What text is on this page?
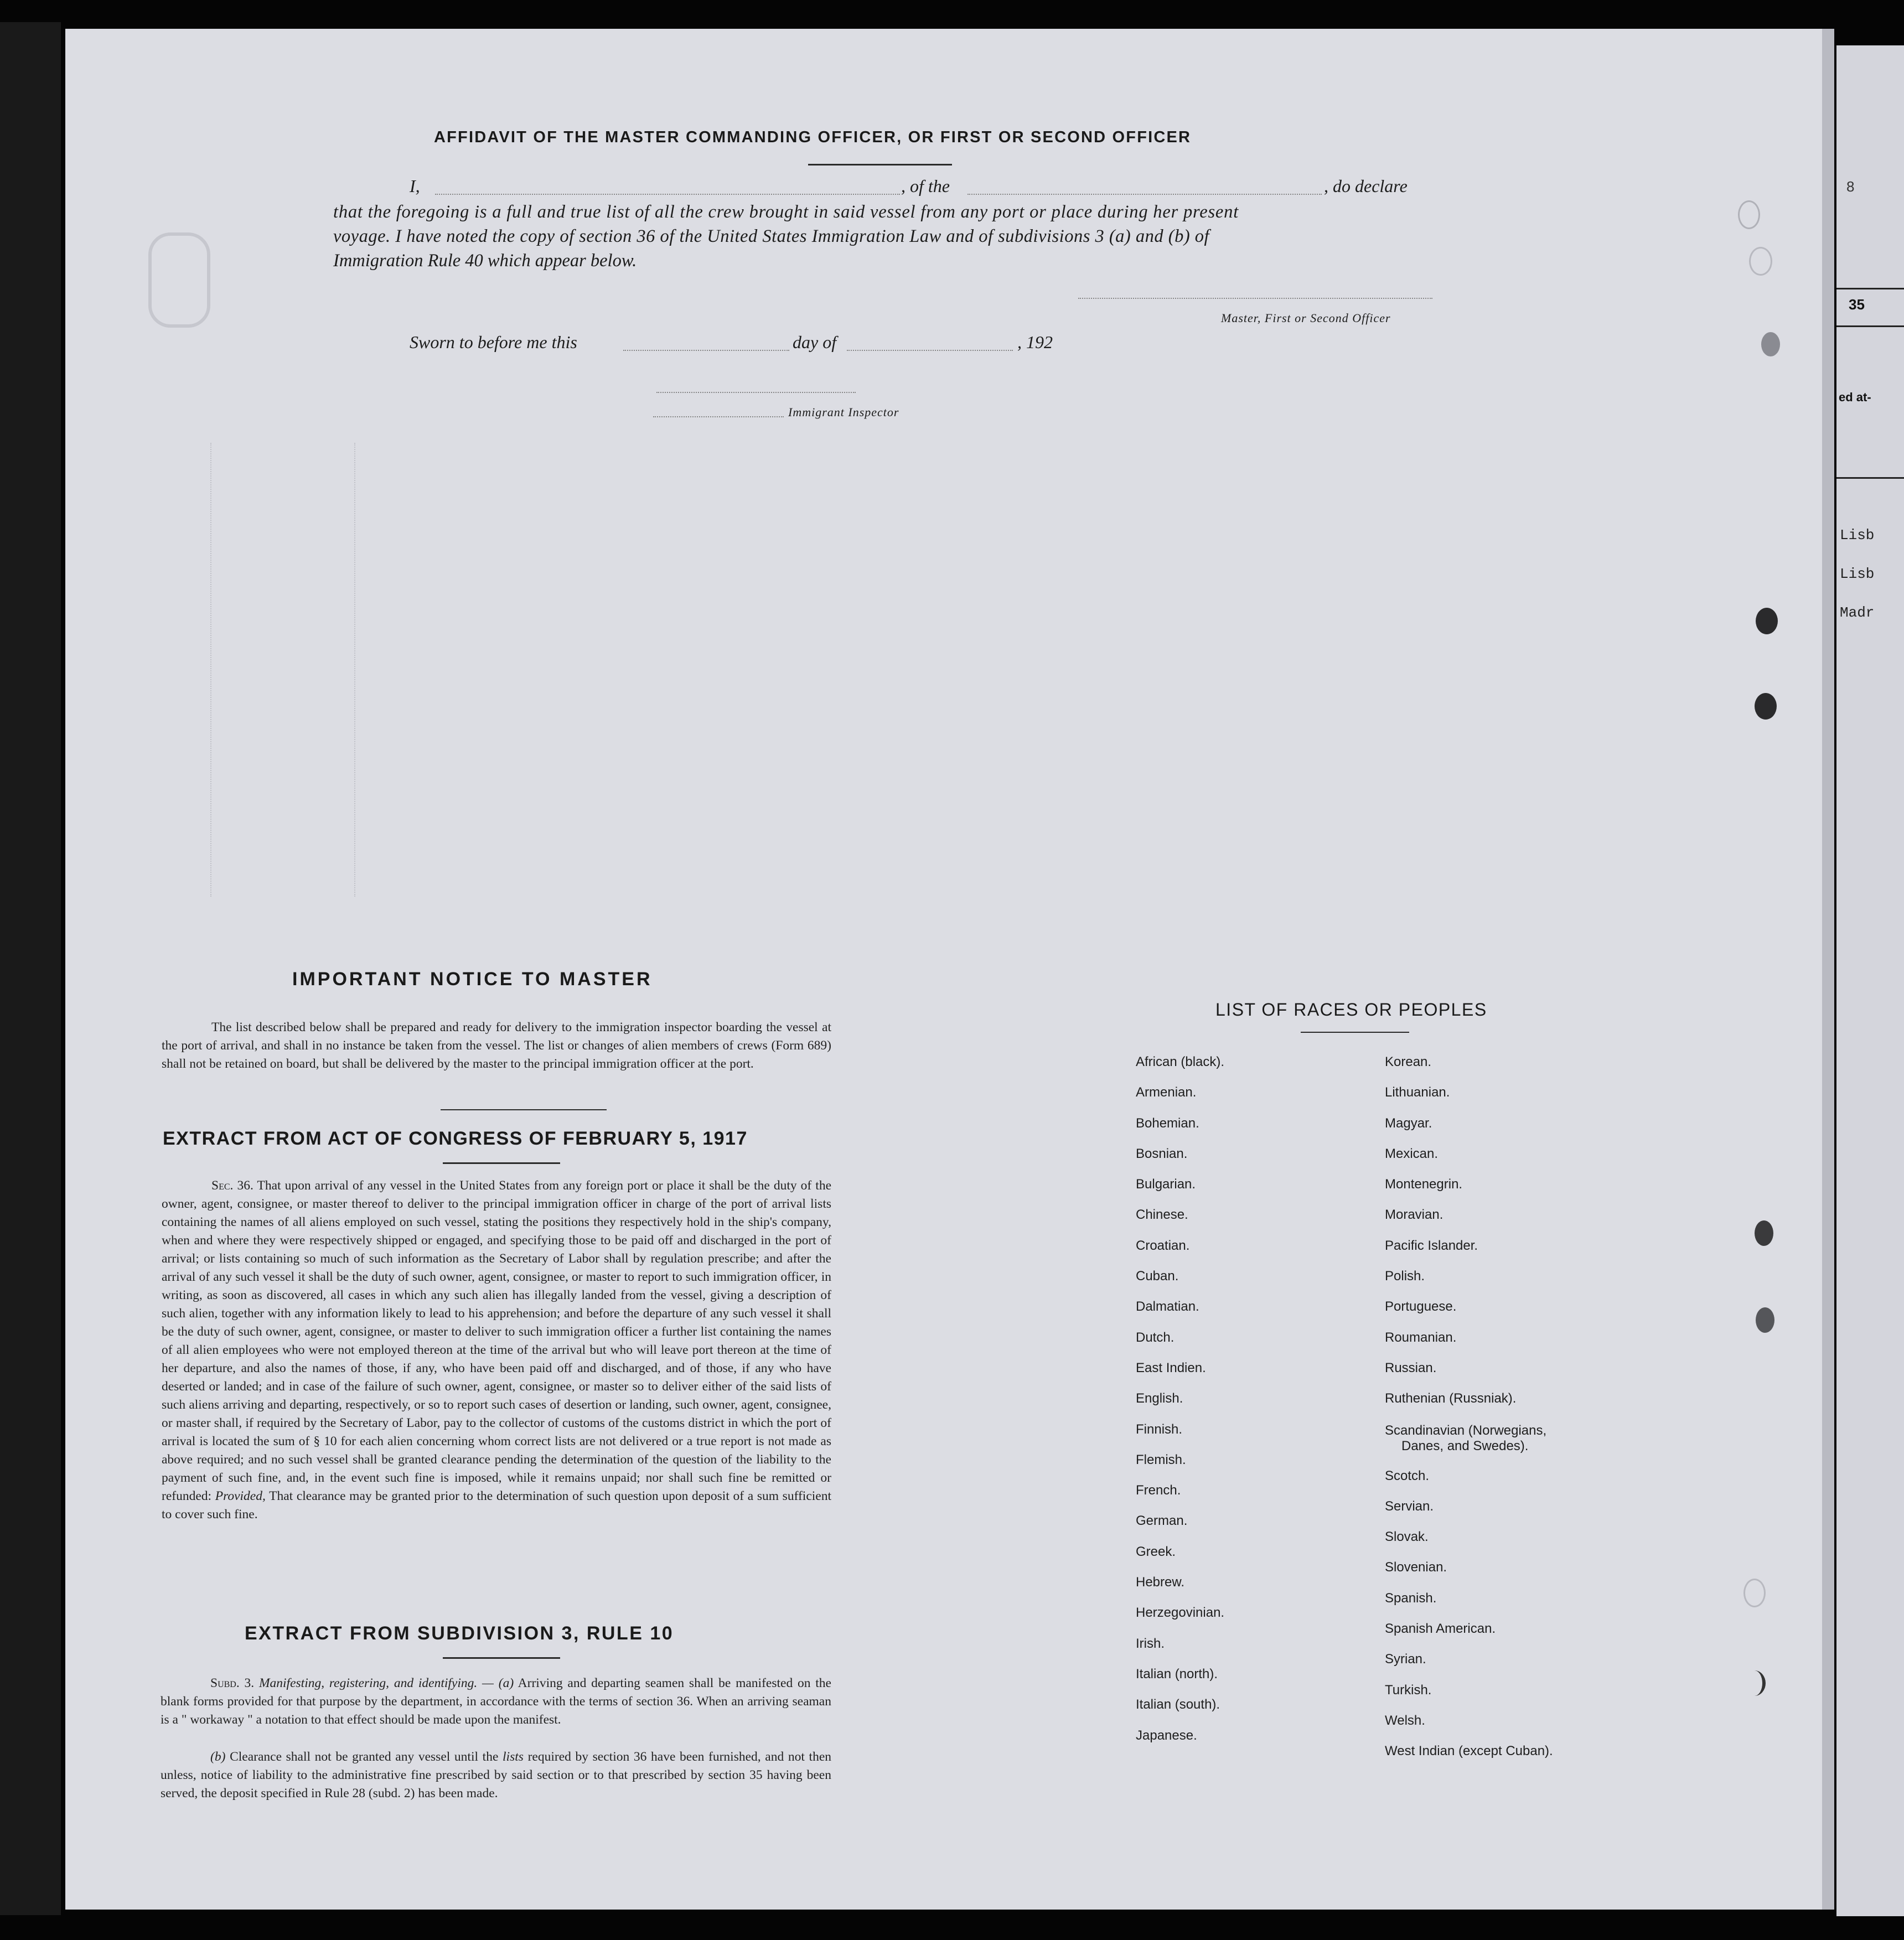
8
35
ed at-
Lisb
Lisb
Madr
AFFIDAVIT OF THE MASTER COMMANDING OFFICER, OR FIRST OR SECOND OFFICER
I,	, of the	, do declare
that the foregoing is a full and true list of all the crew brought in said vessel from any port or place during her present
voyage. I have noted the copy of section 36 of the United States Immigration Law and of subdivisions 3 (a) and (b) of
Immigration Rule 40 which appear below.
Master, First or Second Officer
Sworn to before me this	day of	, 192
Immigrant Inspector
IMPORTANT NOTICE TO MASTER
The list described below shall be prepared and ready for delivery to the immigration inspector boarding the vessel at the port of arrival, and shall in no instance be taken from the vessel. The list or changes of alien members of crews (Form 689) shall not be retained on board, but shall be delivered by the master to the principal immigration officer at the port.
EXTRACT FROM ACT OF CONGRESS OF FEBRUARY 5, 1917
Sec. 36. That upon arrival of any vessel in the United States from any foreign port or place it shall be the duty of the owner, agent, consignee, or master thereof to deliver to the principal immigration officer in charge of the port of arrival lists containing the names of all aliens employed on such vessel, stating the positions they respectively hold in the ship's company, when and where they were respectively shipped or engaged, and specifying those to be paid off and discharged in the port of arrival; or lists containing so much of such information as the Secretary of Labor shall by regulation prescribe; and after the arrival of any such vessel it shall be the duty of such owner, agent, consignee, or master to report to such immigration officer, in writing, as soon as discovered, all cases in which any such alien has illegally landed from the vessel, giving a description of such alien, together with any information likely to lead to his apprehension; and before the departure of any such vessel it shall be the duty of such owner, agent, consignee, or master to deliver to such immigration officer a further list containing the names of all alien employees who were not employed thereon at the time of the arrival but who will leave port thereon at the time of her departure, and also the names of those, if any, who have been paid off and discharged, and of those, if any who have deserted or landed; and in case of the failure of such owner, agent, consignee, or master so to deliver either of the said lists of such aliens arriving and departing, respectively, or so to report such cases of desertion or landing, such owner, agent, consignee, or master shall, if required by the Secretary of Labor, pay to the collector of customs of the customs district in which the port of arrival is located the sum of § 10 for each alien concerning whom correct lists are not delivered or a true report is not made as above required; and no such vessel shall be granted clearance pending the determination of the question of the liability to the payment of such fine, and, in the event such fine is imposed, while it remains unpaid; nor shall such fine be remitted or refunded: Provided, That clearance may be granted prior to the determination of such question upon deposit of a sum sufficient to cover such fine.
EXTRACT FROM SUBDIVISION 3, RULE 10
Subd. 3. Manifesting, registering, and identifying. — (a) Arriving and departing seamen shall be manifested on the blank forms provided for that purpose by the department, in accordance with the terms of section 36. When an arriving seaman is a " workaway " a notation to that effect should be made upon the manifest.
(b) Clearance shall not be granted any vessel until the lists required by section 36 have been furnished, and not then unless, notice of liability to the administrative fine prescribed by said section or to that prescribed by section 35 having been served, the deposit specified in Rule 28 (subd. 2) has been made.
LIST OF RACES OR PEOPLES
African (black).
Armenian.
Bohemian.
Bosnian.
Bulgarian.
Chinese.
Croatian.
Cuban.
Dalmatian.
Dutch.
East Indien.
English.
Finnish.
Flemish.
French.
German.
Greek.
Hebrew.
Herzegovinian.
Irish.
Italian (north).
Italian (south).
Japanese.
Korean.
Lithuanian.
Magyar.
Mexican.
Montenegrin.
Moravian.
Pacific Islander.
Polish.
Portuguese.
Roumanian.
Russian.
Ruthenian (Russniak).
Scandinavian (Norwegians,
Danes, and Swedes).
Scotch.
Servian.
Slovak.
Slovenian.
Spanish.
Spanish American.
Syrian.
Turkish.
Welsh.
West Indian (except Cuban).
